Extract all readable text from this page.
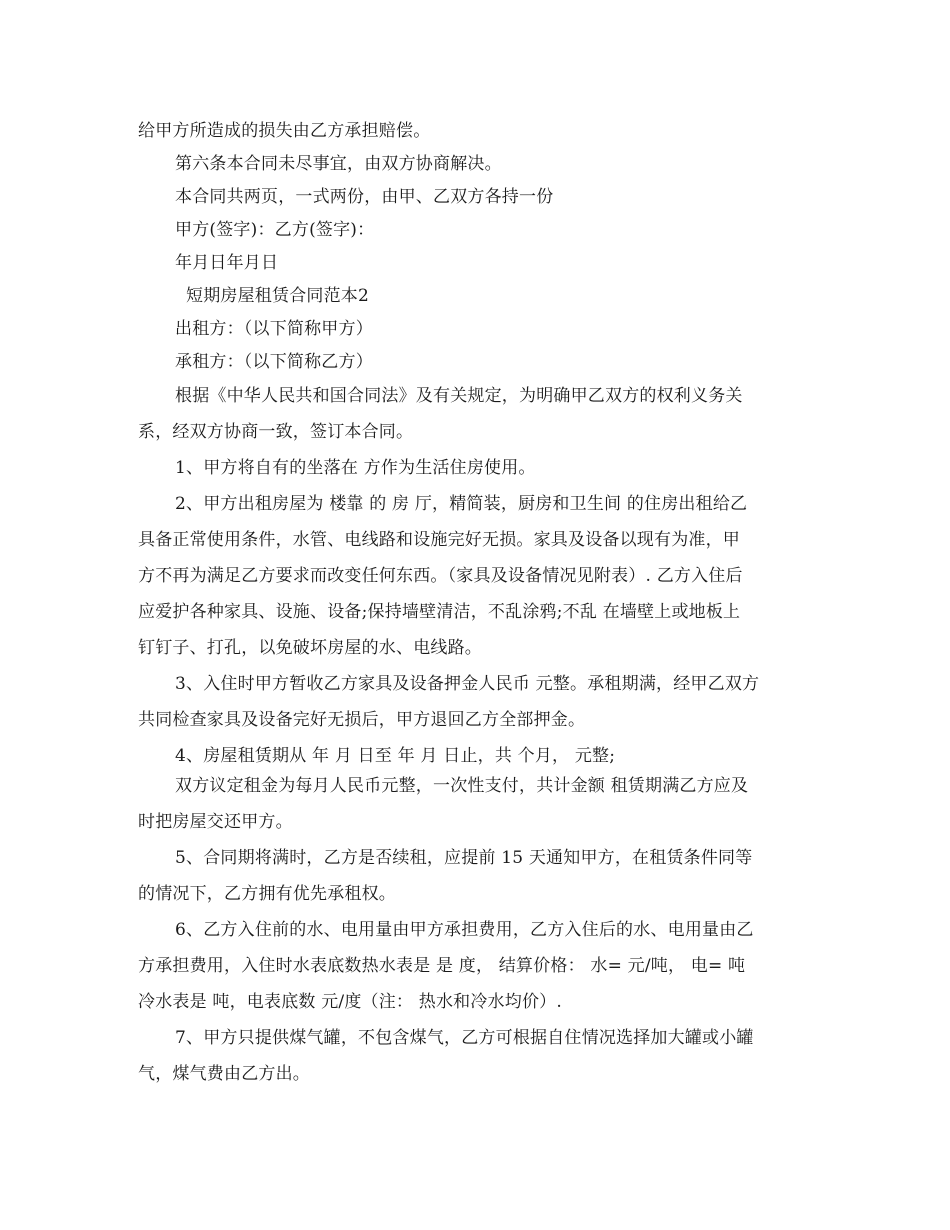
给甲方所造成的损失由乙方承担赔偿。
第六条本合同未尽事宜，由双方协商解决。
本合同共两页，一式两份，由甲、乙双方各持一份
甲方(签字)：乙方(签字)：
年月日年月日
短期房屋租赁合同范本2
出租方：（以下简称甲方）
承租方：（以下简称乙方）
根据《中华人民共和国合同法》及有关规定，为明确甲乙双方的权利义务关
系，经双方协商一致，签订本合同。
1、甲方将自有的坐落在 方作为生活住房使用。
2、甲方出租房屋为 楼靠 的 房 厅，精简装，厨房和卫生间 的住房出租给乙
具备正常使用条件，水管、电线路和设施完好无损。家具及设备以现有为准，甲
方不再为满足乙方要求而改变任何东西。（家具及设备情况见附表）. 乙方入住后
应爱护各种家具、设施、设备;保持墙壁清洁，不乱涂鸦;不乱 在墙壁上或地板上
钉钉子、打孔，以免破坏房屋的水、电线路。
3、入住时甲方暂收乙方家具及设备押金人民币 元整。承租期满，经甲乙双方
共同检查家具及设备完好无损后，甲方退回乙方全部押金。
4、房屋租赁期从 年 月 日至 年 月 日止，共 个月， 元整;
双方议定租金为每月人民币元整，一次性支付，共计金额 租赁期满乙方应及
时把房屋交还甲方。
5、合同期将满时，乙方是否续租，应提前 15 天通知甲方，在租赁条件同等
的情况下，乙方拥有优先承租权。
6、乙方入住前的水、电用量由甲方承担费用，乙方入住后的水、电用量由乙
方承担费用，入住时水表底数热水表是 是 度， 结算价格： 水= 元/吨， 电= 吨
冷水表是 吨，电表底数 元/度（注： 热水和冷水均价）.
7、甲方只提供煤气罐，不包含煤气，乙方可根据自住情况选择加大罐或小罐
气，煤气费由乙方出。
